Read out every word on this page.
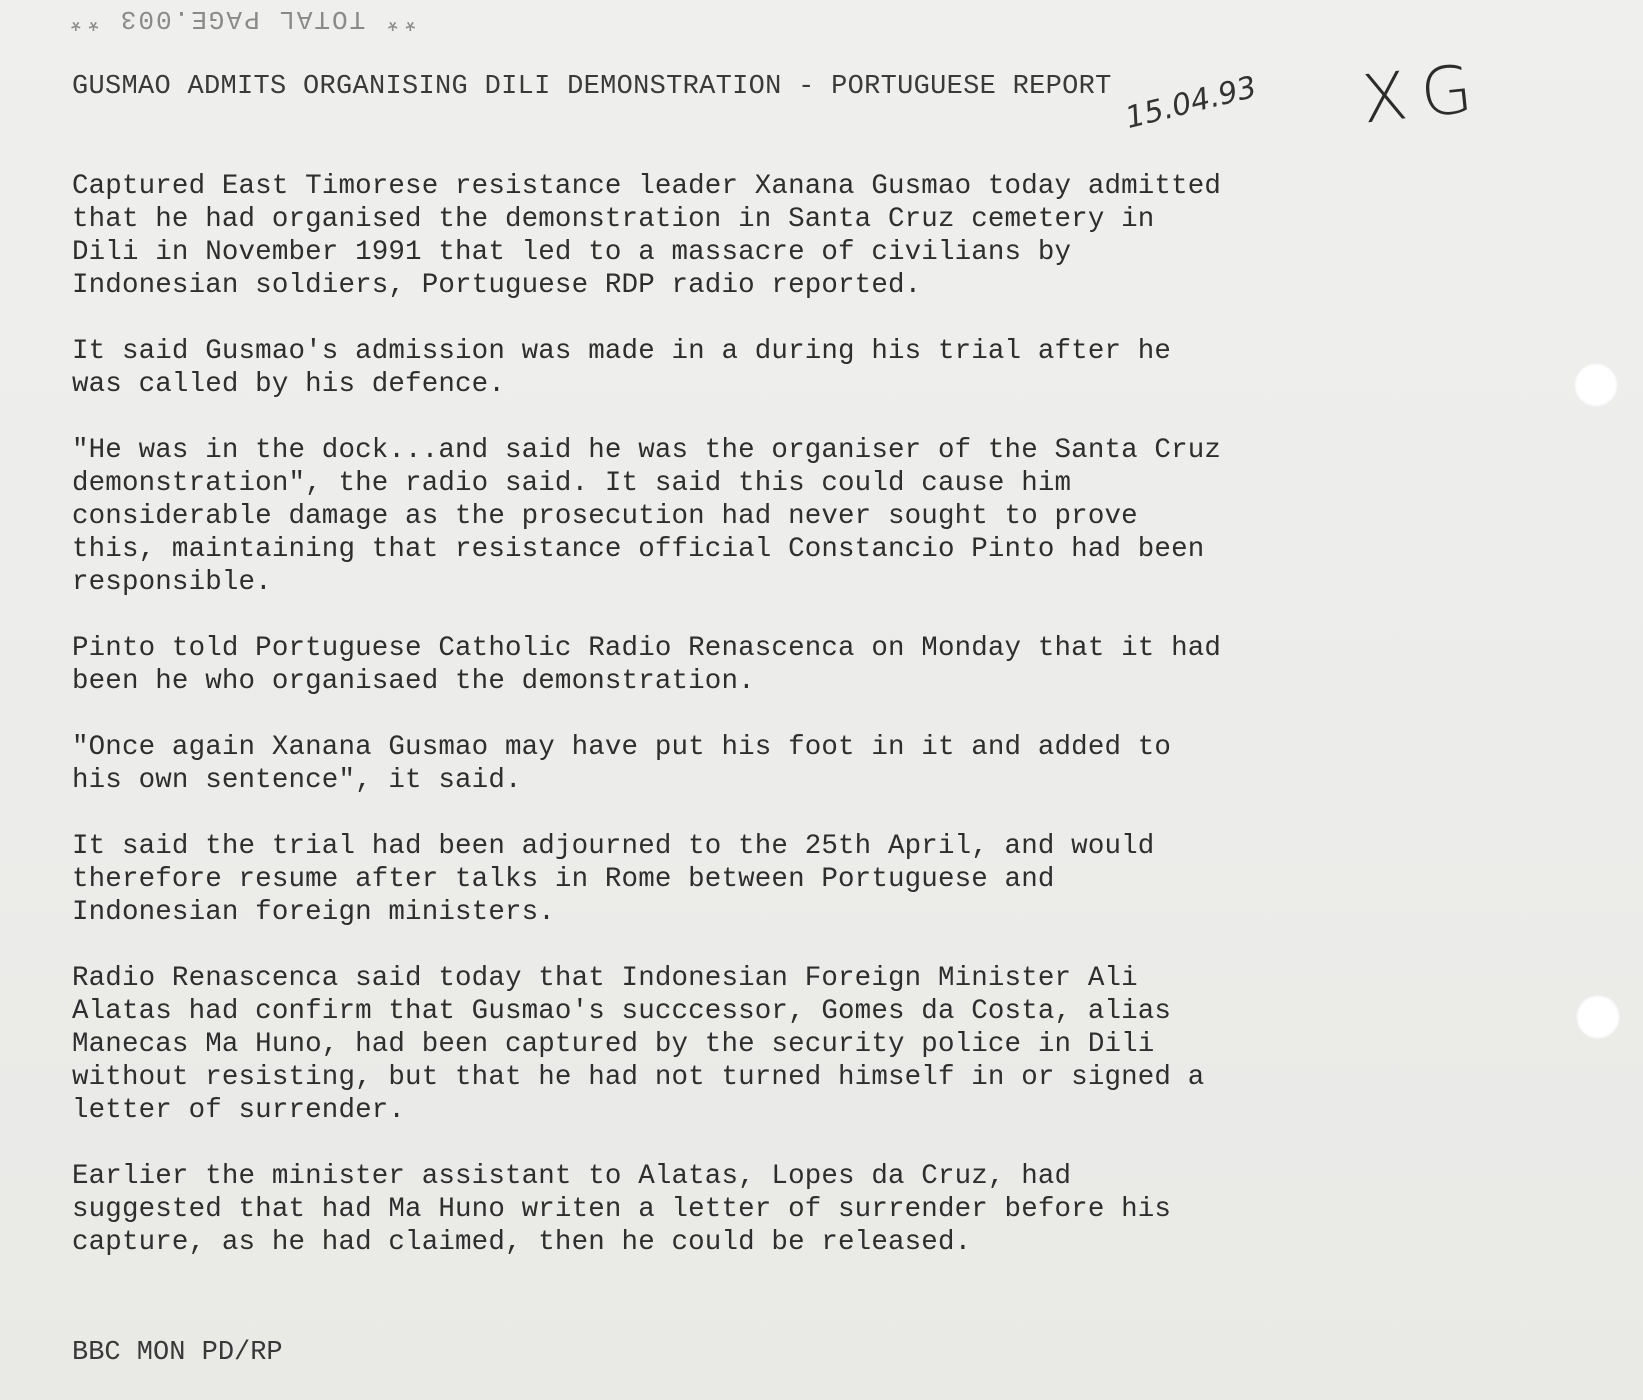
** TOTAL PAGE.003 **
GUSMAO ADMITS ORGANISING DILI DEMONSTRATION - PORTUGUESE REPORT 15.04.93 XG

Captured East Timorese resistance leader Xanana Gusmao today admitted
that he had organised the demonstration in Santa Cruz cemetery in
Dili in November 1991 that led to a massacre of civilians by
Indonesian soldiers, Portuguese RDP radio reported.

It said Gusmao's admission was made in a during his trial after he
was called by his defence.

"He was in the dock...and said he was the organiser of the Santa Cruz
demonstration", the radio said. It said this could cause him
considerable damage as the prosecution had never sought to prove
this, maintaining that resistance official Constancio Pinto had been
responsible.

Pinto told Portuguese Catholic Radio Renascenca on Monday that it had
been he who organisaed the demonstration.

"Once again Xanana Gusmao may have put his foot in it and added to
his own sentence", it said.

It said the trial had been adjourned to the 25th April, and would
therefore resume after talks in Rome between Portuguese and
Indonesian foreign ministers.

Radio Renascenca said today that Indonesian Foreign Minister Ali
Alatas had confirm that Gusmao's succcessor, Gomes da Costa, alias
Manecas Ma Huno, had been captured by the security police in Dili
without resisting, but that he had not turned himself in or signed a
letter of surrender.

Earlier the minister assistant to Alatas, Lopes da Cruz, had
suggested that had Ma Huno writen a letter of surrender before his
capture, as he had claimed, then he could be released.

BBC MON PD/RP
